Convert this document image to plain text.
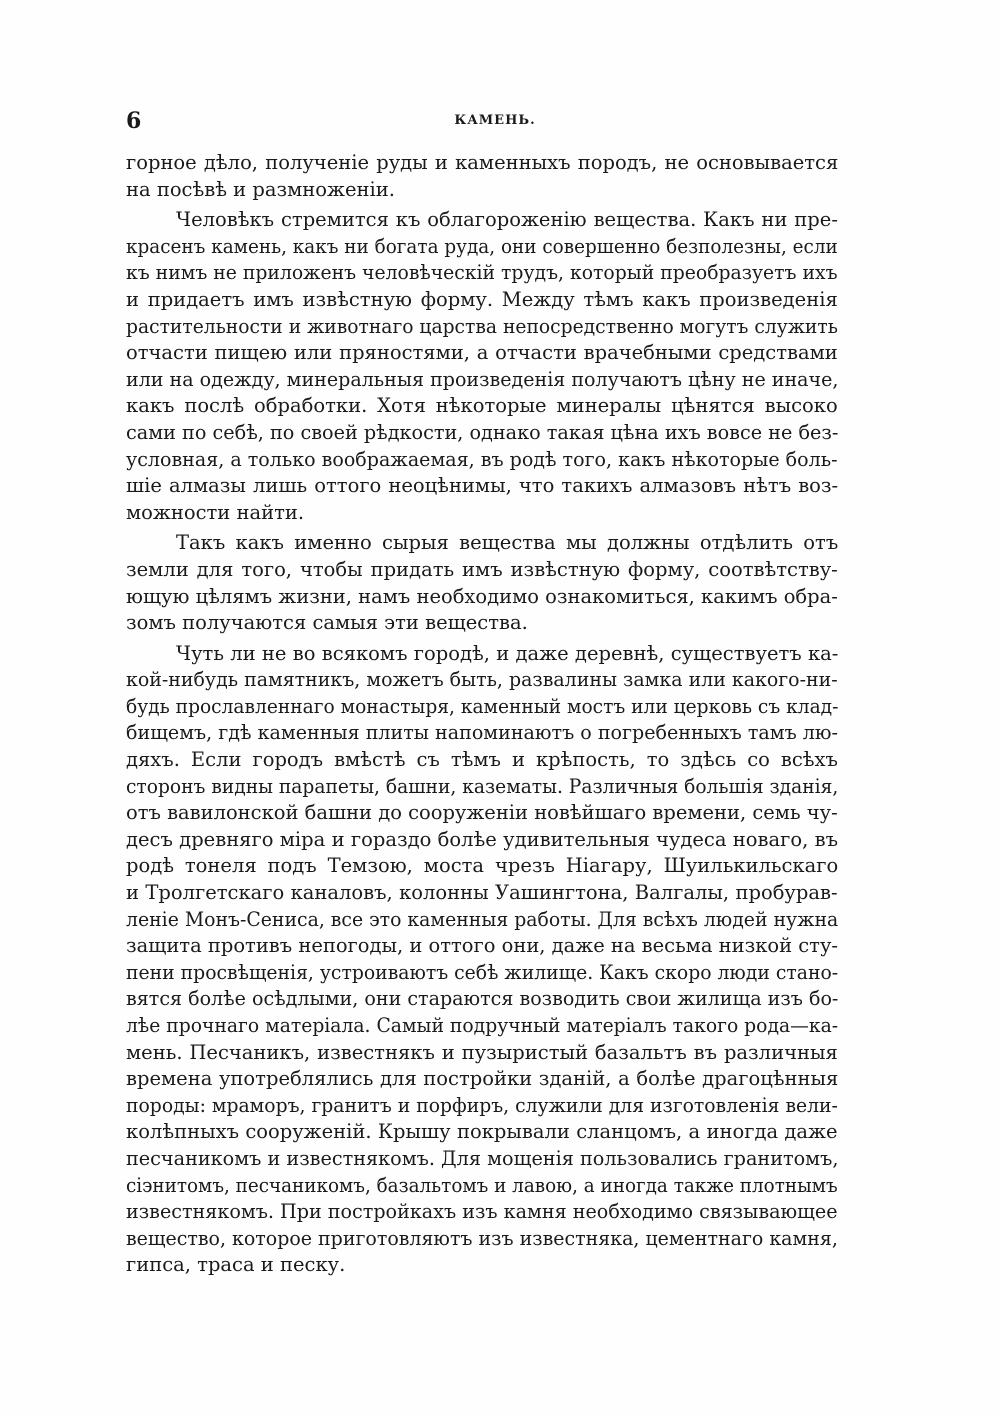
6	КАМЕНЬ.
горное дѣло, полученіе руды и каменныхъ породъ, не основывается
на посѣвѣ и размноженіи.
Человѣкъ стремится къ облагороженію вещества. Какъ ни пре-
красенъ камень, какъ ни богата руда, они совершенно безполезны, если
къ нимъ не приложенъ человѣческій трудъ, который преобразуетъ ихъ
и придаетъ имъ извѣстную форму. Между тѣмъ какъ произведенія
растительности и животнаго царства непосредственно могутъ служить
отчасти пищею или пряностями, а отчасти врачебными средствами
или на одежду, минеральныя произведенія получаютъ цѣну не иначе,
какъ послѣ обработки. Хотя нѣкоторые минералы цѣнятся высоко
сами по себѣ, по своей рѣдкости, однако такая цѣна ихъ вовсе не без-
условная, а только воображаемая, въ родѣ того, какъ нѣкоторые боль-
шіе алмазы лишь оттого неоцѣнимы, что такихъ алмазовъ нѣтъ воз-
можности найти.
Такъ какъ именно сырыя вещества мы должны отдѣлить отъ
земли для того, чтобы придать имъ извѣстную форму, соотвѣтству-
ющую цѣлямъ жизни, намъ необходимо ознакомиться, какимъ обра-
зомъ получаются самыя эти вещества.
Чуть ли не во всякомъ городѣ, и даже деревнѣ, существуетъ ка-
кой-нибудь памятникъ, можетъ быть, развалины замка или какого-ни-
будь прославленнаго монастыря, каменный мостъ или церковь съ клад-
бищемъ, гдѣ каменныя плиты напоминаютъ о погребенныхъ тамъ лю-
дяхъ. Если городъ вмѣстѣ съ тѣмъ и крѣпость, то здѣсь со всѣхъ
сторонъ видны парапеты, башни, казематы. Различныя большія зданія,
отъ вавилонской башни до сооруженіи новѣйшаго времени, семь чу-
десъ древняго міра и гораздо болѣе удивительныя чудеса новаго, въ
родѣ тонеля подъ Темзою, моста чрезъ Ніагару, Шуилькильскаго
и Тролгетскаго каналовъ, колонны Уашингтона, Валгалы, пробурав-
леніе Монъ-Сениса, все это каменныя работы. Для всѣхъ людей нужна
защита противъ непогоды, и оттого они, даже на весьма низкой сту-
пени просвѣщенія, устроиваютъ себѣ жилище. Какъ скоро люди стано-
вятся болѣе осѣдлыми, они стараются возводить свои жилища изъ бо-
лѣе прочнаго матеріала. Самый подручный матеріалъ такого рода—ка-
мень. Песчаникъ, известнякъ и пузыристый базальтъ въ различныя
времена употреблялись для постройки зданій, а болѣе драгоцѣнныя
породы: мраморъ, гранитъ и порфиръ, служили для изготовленія вели-
колѣпныхъ сооруженій. Крышу покрывали сланцомъ, а иногда даже
песчаникомъ и известнякомъ. Для мощенія пользовались гранитомъ,
сіэнитомъ, песчаникомъ, базальтомъ и лавою, а иногда также плотнымъ
известнякомъ. При постройкахъ изъ камня необходимо связывающее
вещество, которое приготовляютъ изъ известняка, цементнаго камня,
гипса, траса и песку.
